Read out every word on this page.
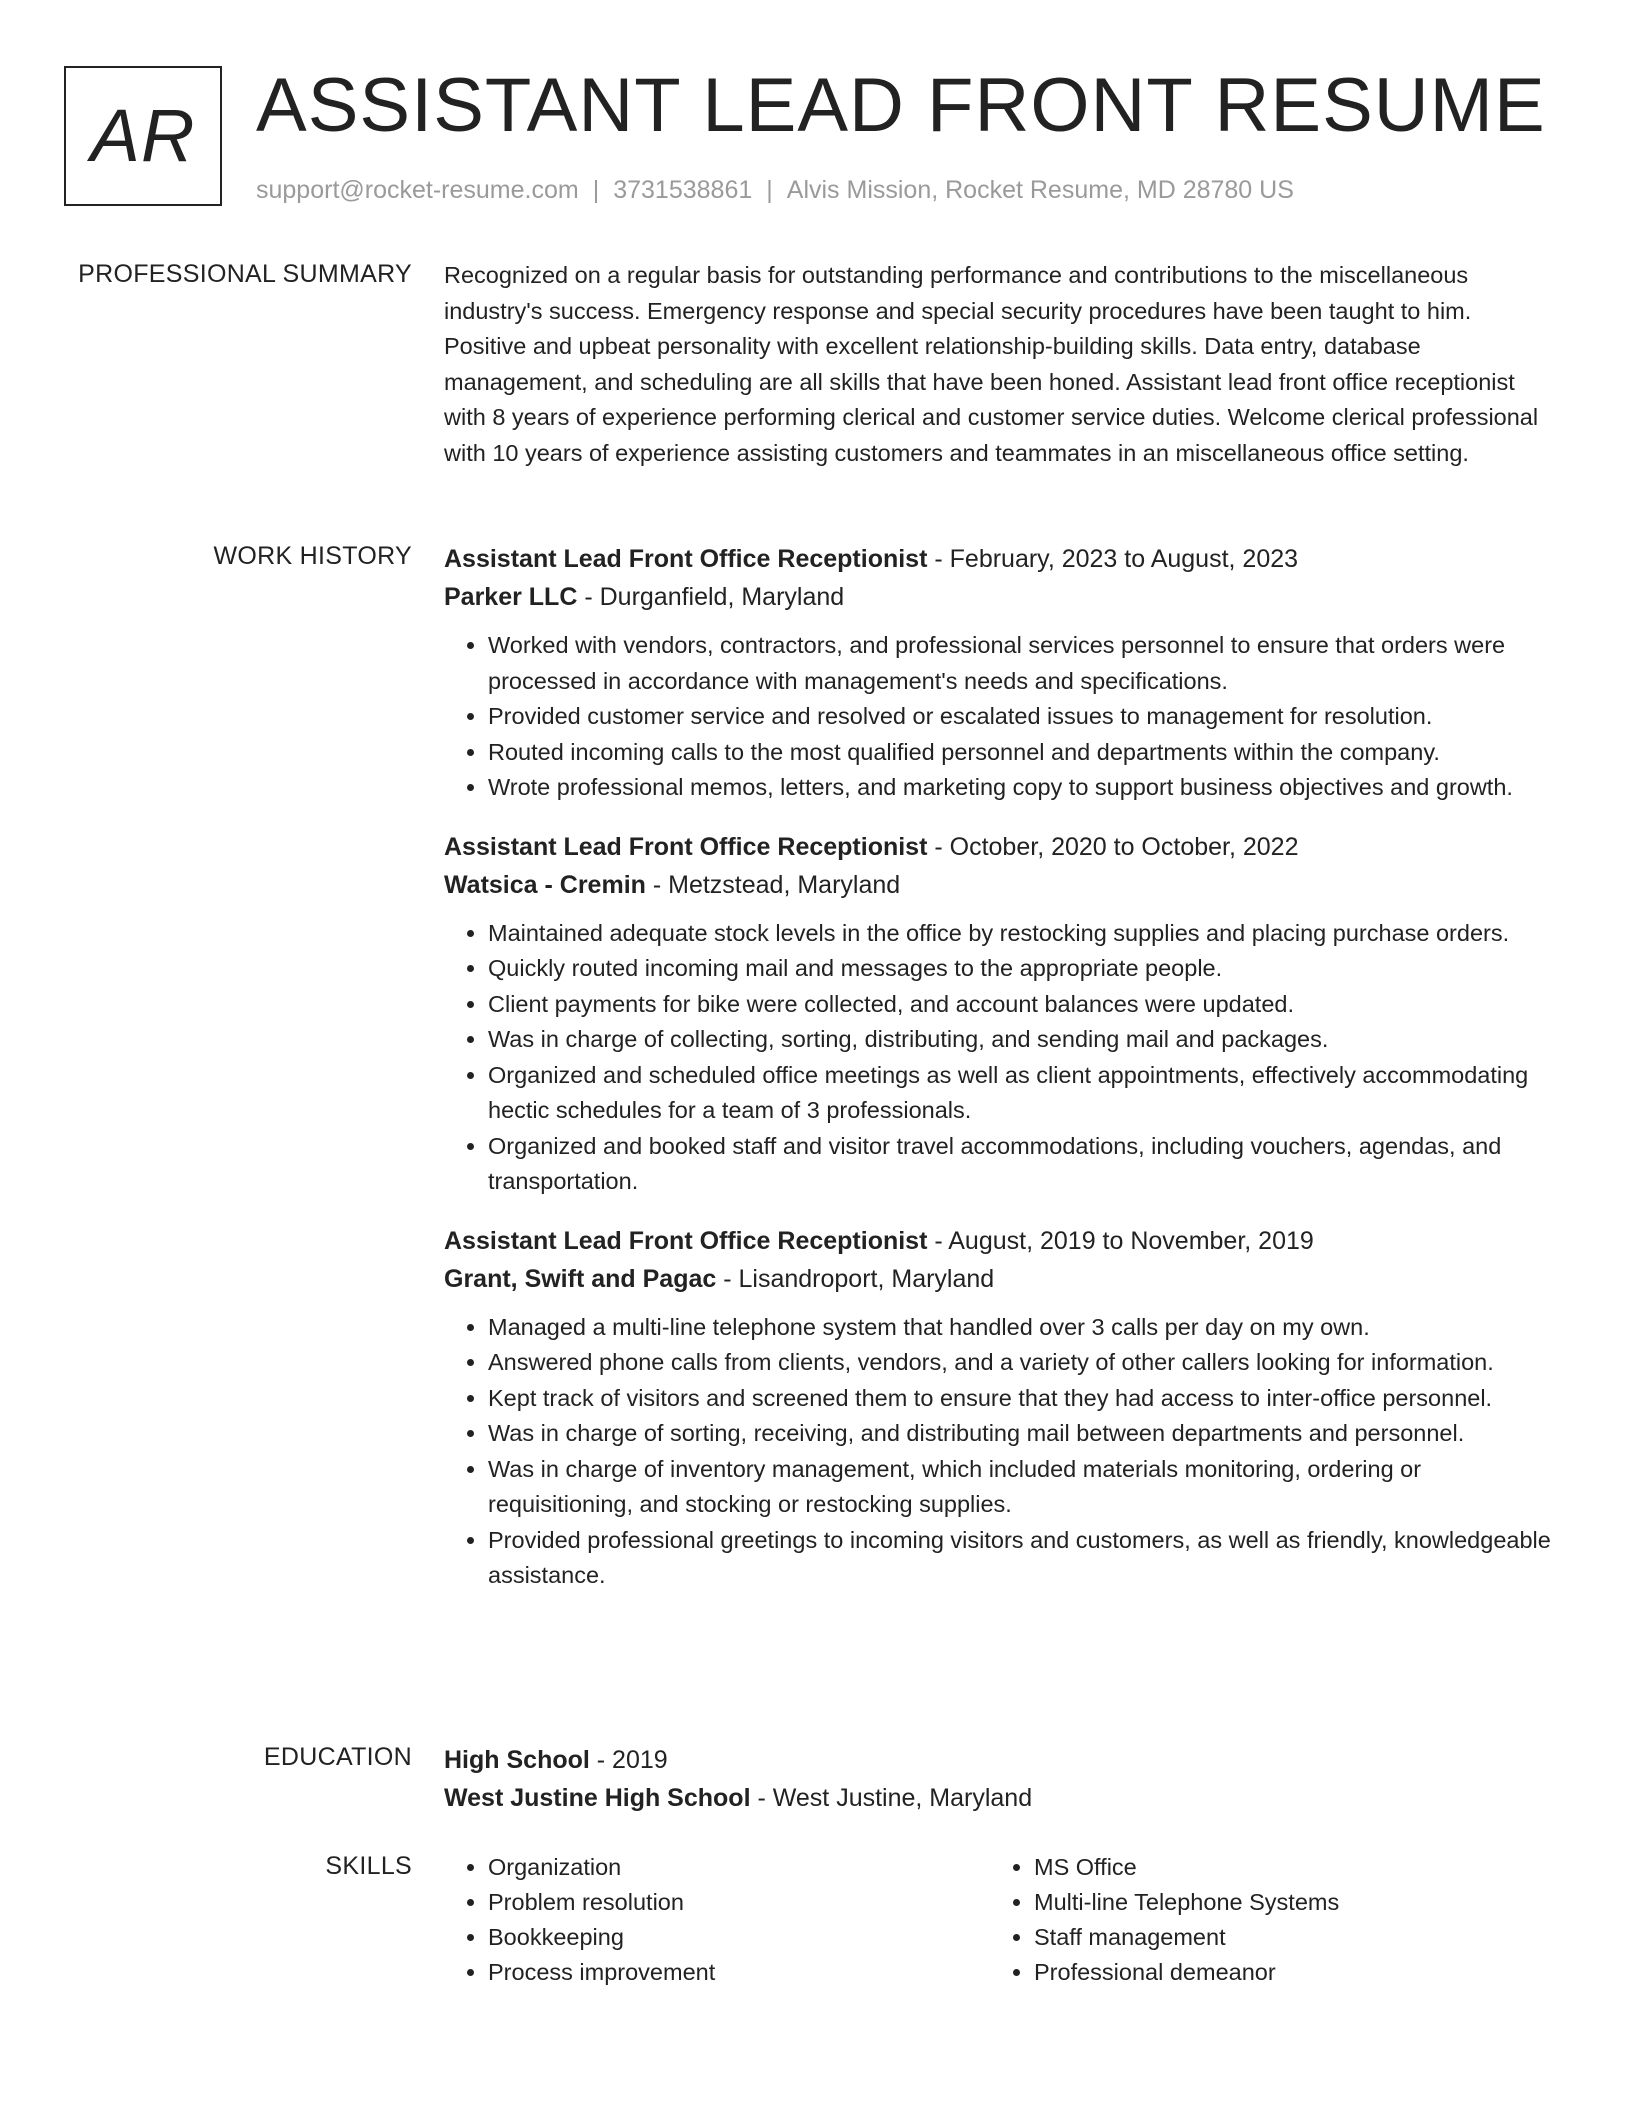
AR ASSISTANT LEAD FRONT RESUME
support@rocket-resume.com | 3731538861 | Alvis Mission, Rocket Resume, MD 28780 US
PROFESSIONAL SUMMARY Recognized on a regular basis for outstanding performance and contributions to the miscellaneous industry's success. Emergency response and special security procedures have been taught to him. Positive and upbeat personality with excellent relationship-building skills. Data entry, database management, and scheduling are all skills that have been honed. Assistant lead front office receptionist with 8 years of experience performing clerical and customer service duties. Welcome clerical professional with 10 years of experience assisting customers and teammates in an miscellaneous office setting.

WORK HISTORY Assistant Lead Front Office Receptionist - February, 2023 to August, 2023
Parker LLC - Durganfield, Maryland
• Worked with vendors, contractors, and professional services personnel to ensure that orders were processed in accordance with management's needs and specifications.
• Provided customer service and resolved or escalated issues to management for resolution.
• Routed incoming calls to the most qualified personnel and departments within the company.
• Wrote professional memos, letters, and marketing copy to support business objectives and growth.
Assistant Lead Front Office Receptionist - October, 2020 to October, 2022
Watsica - Cremin - Metzstead, Maryland
• Maintained adequate stock levels in the office by restocking supplies and placing purchase orders.
• Quickly routed incoming mail and messages to the appropriate people.
• Client payments for bike were collected, and account balances were updated.
• Was in charge of collecting, sorting, distributing, and sending mail and packages.
• Organized and scheduled office meetings as well as client appointments, effectively accommodating hectic schedules for a team of 3 professionals.
• Organized and booked staff and visitor travel accommodations, including vouchers, agendas, and transportation.
Assistant Lead Front Office Receptionist - August, 2019 to November, 2019
Grant, Swift and Pagac - Lisandroport, Maryland
• Managed a multi-line telephone system that handled over 3 calls per day on my own.
• Answered phone calls from clients, vendors, and a variety of other callers looking for information.
• Kept track of visitors and screened them to ensure that they had access to inter-office personnel.
• Was in charge of sorting, receiving, and distributing mail between departments and personnel.
• Was in charge of inventory management, which included materials monitoring, ordering or requisitioning, and stocking or restocking supplies.
• Provided professional greetings to incoming visitors and customers, as well as friendly, knowledgeable assistance.
EDUCATION High School - 2019
West Justine High School - West Justine, Maryland
SKILLS
•	Organization
• Problem resolution
• Bookkeeping
• Process improvement
• MS Office
• Multi-line Telephone Systems
• Staff management
• Professional demeanor
